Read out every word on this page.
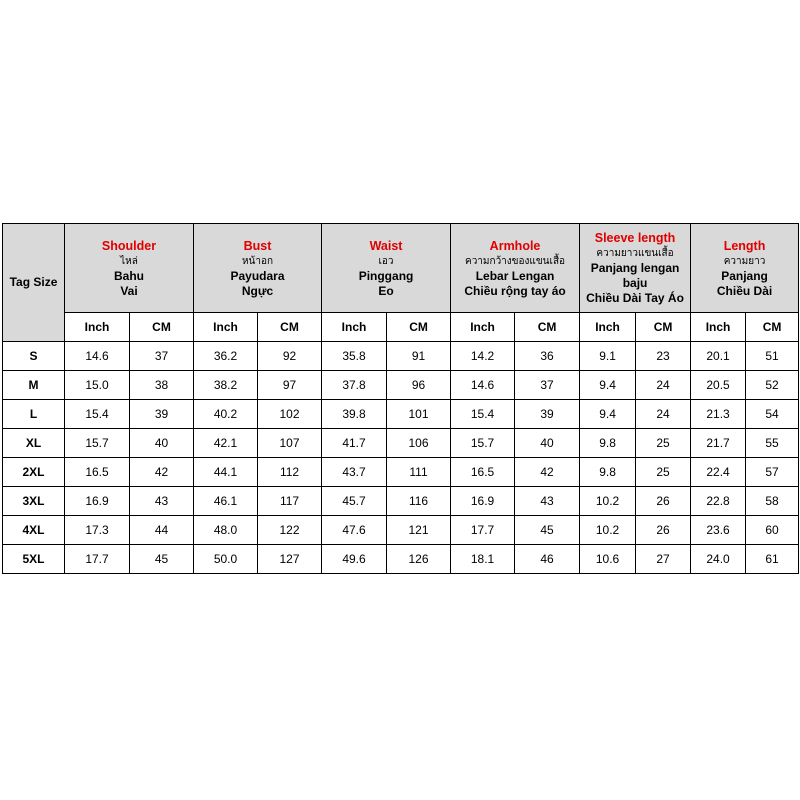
Tag Size	Shoulder
ไหล่
Bahu
Vai		Bust
หน้าอก
Payudara
Ngực		Waist
เอว
Pinggang
Eo		Armhole
ความกว้างของแขนเสื้อ
Lebar Lengan
Chiều rộng tay áo		Sleeve length
ความยาวแขนเสื้อ
Panjang lengan baju
Chiều Dài Tay Áo		Length
ความยาว
Panjang
Chiều Dài	

	Inch	CM	Inch	CM	Inch	CM	Inch	CM	Inch	CM	Inch	CM
S	14.6	37	36.2	92	35.8	91	14.2	36	9.1	23	20.1	51
M	15.0	38	38.2	97	37.8	96	14.6	37	9.4	24	20.5	52
L	15.4	39	40.2	102	39.8	101	15.4	39	9.4	24	21.3	54
XL	15.7	40	42.1	107	41.7	106	15.7	40	9.8	25	21.7	55
2XL	16.5	42	44.1	112	43.7	111	16.5	42	9.8	25	22.4	57
3XL	16.9	43	46.1	117	45.7	116	16.9	43	10.2	26	22.8	58
4XL	17.3	44	48.0	122	47.6	121	17.7	45	10.2	26	23.6	60
5XL	17.7	45	50.0	127	49.6	126	18.1	46	10.6	27	24.0	61
